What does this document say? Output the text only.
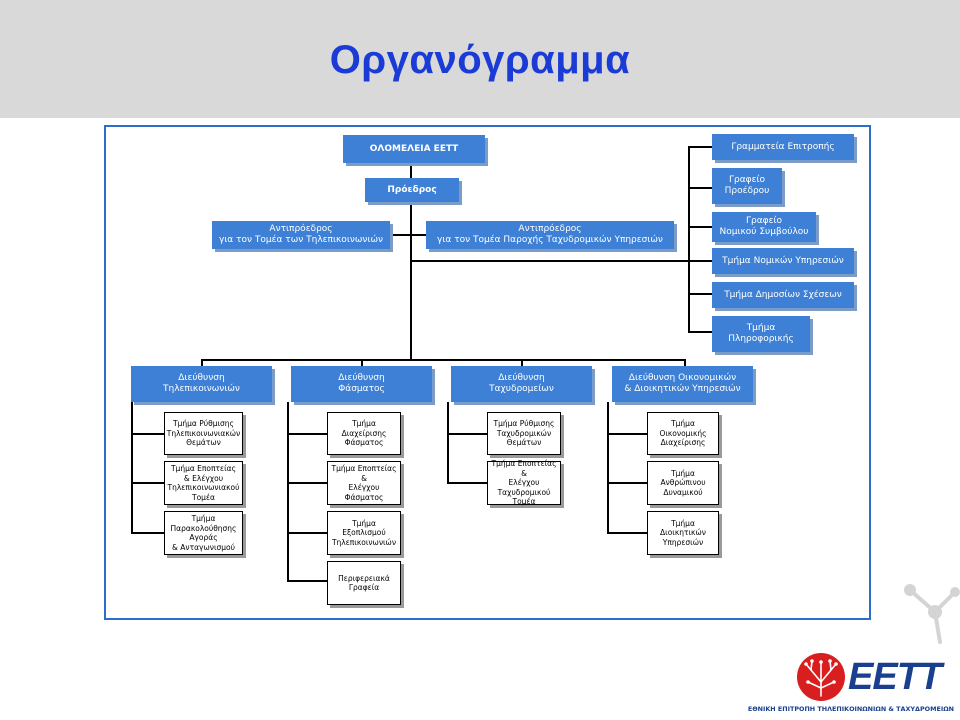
Οργανόγραμμα
ΟΛΟΜΕΛΕΙΑ ΕΕΤΤ
Πρόεδρος
Αντιπρόεδρος
για τον Τομέα των Τηλεπικοινωνιών
Αντιπρόεδρος
για τον Τομέα Παροχής Ταχυδρομικών Υπηρεσιών
Γραμματεία Επιτροπής
Γραφείο
Προέδρου
Γραφείο
Νομικού Συμβούλου
Τμήμα Νομικών Υπηρεσιών
Τμήμα Δημοσίων Σχέσεων
Τμήμα
Πληροφορικής
Διεύθυνση
Τηλεπικοινωνιών
Διεύθυνση
Φάσματος
Διεύθυνση
Ταχυδρομείων
Διεύθυνση Οικονομικών
& Διοικητικών Υπηρεσιών
Τμήμα Ρύθμισης
Τηλεπικοινωνιακών
Θεμάτων
Τμήμα Εποπτείας
& Ελέγχου
Τηλεπικοινωνιακού
Τομέα
Τμήμα
Παρακολούθησης
Αγοράς
& Ανταγωνισμού
Τμήμα
Διαχείρισης
Φάσματος
Τμήμα Εποπτείας &
Ελέγχου
Φάσματος
Τμήμα
Εξοπλισμού
Τηλεπικοινωνιών
Περιφερειακά
Γραφεία
Τμήμα Ρύθμισης
Ταχυδρομικών
Θεμάτων
Τμήμα Εποπτείας &
Ελέγχου
Ταχυδρομικού
Τομέα
Τμήμα
Οικονομικής
Διαχείρισης
Τμήμα
Ανθρώπινου
Δυναμικού
Τμήμα
Διοικητικών
Υπηρεσιών
ΕΕΤΤ
ΕΘΝΙΚΗ ΕΠΙΤΡΟΠΗ ΤΗΛΕΠΙΚΟΙΝΩΝΙΩΝ & ΤΑΧΥΔΡΟΜΕΙΩΝ
